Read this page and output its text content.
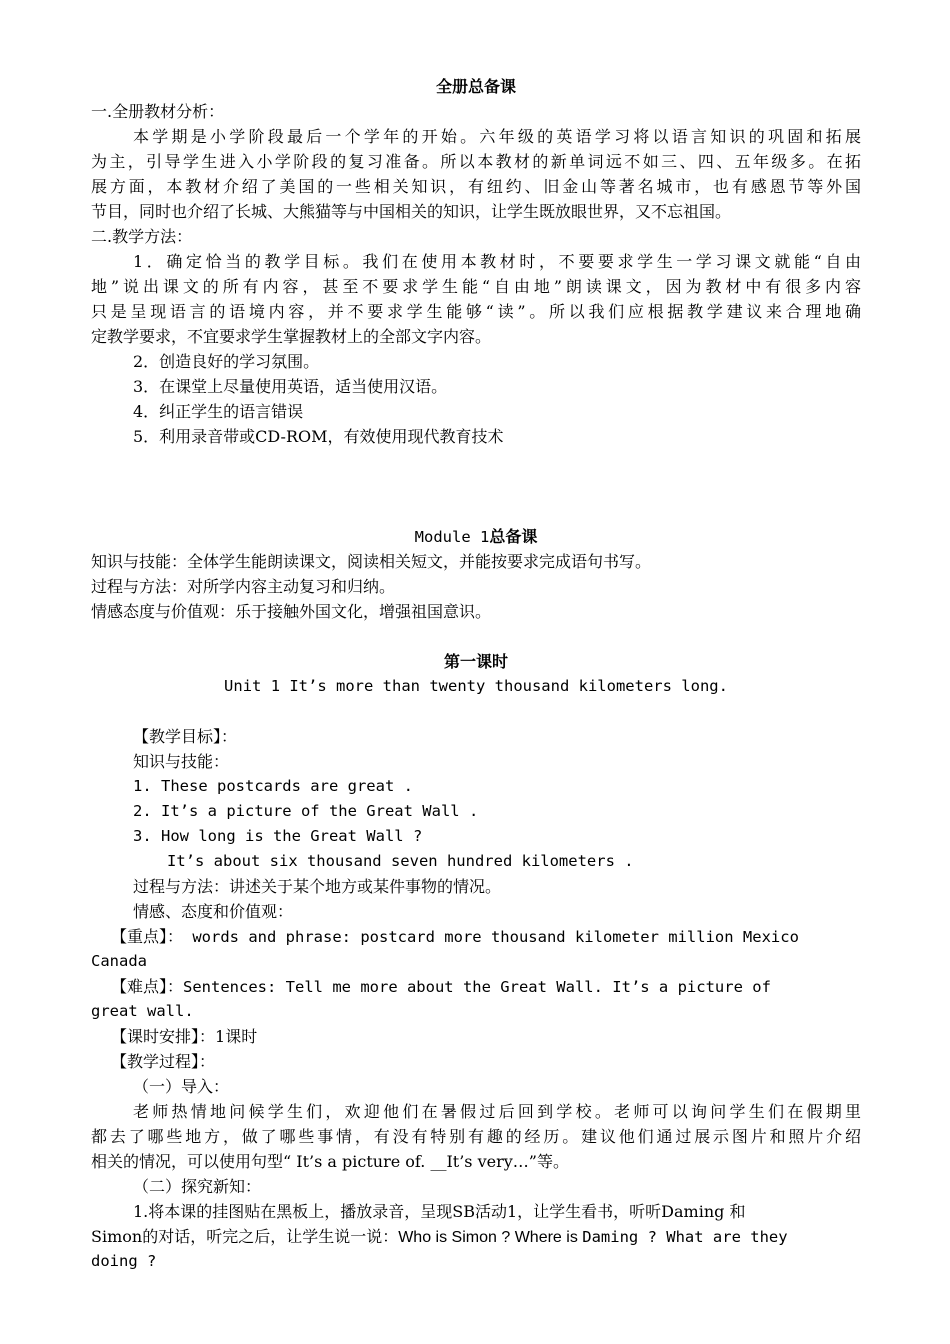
全册总备课
一.全册教材分析：
本学期是小学阶段最后一个学年的开始。六年级的英语学习将以语言知识的巩固和拓展
为主，引导学生进入小学阶段的复习准备。所以本教材的新单词远不如三、四、五年级多。在拓
展方面，本教材介绍了美国的一些相关知识，有纽约、旧金山等著名城市，也有感恩节等外国
节目，同时也介绍了长城、大熊猫等与中国相关的知识，让学生既放眼世界，又不忘祖国。
二.教学方法：
1．确定恰当的教学目标。我们在使用本教材时，不要要求学生一学习课文就能“自由
地”说出课文的所有内容，甚至不要求学生能“自由地”朗读课文，因为教材中有很多内容
只是呈现语言的语境内容，并不要求学生能够“读”。所以我们应根据教学建议来合理地确
定教学要求，不宜要求学生掌握教材上的全部文字内容。
2．创造良好的学习氛围。
3．在课堂上尽量使用英语，适当使用汉语。
4．纠正学生的语言错误
5．利用录音带或CD-ROM，有效使用现代教育技术
Module 1总备课
知识与技能：全体学生能朗读课文，阅读相关短文，并能按要求完成语句书写。
过程与方法：对所学内容主动复习和归纳。
情感态度与价值观：乐于接触外国文化，增强祖国意识。
第一课时
Unit 1 It’s more than twenty thousand kilometers long.
【教学目标】：
知识与技能：
1. These postcards are great .
2. It’s a picture of the Great Wall .
3. How long is the Great Wall ?
It’s about six thousand seven hundred kilometers .
过程与方法：讲述关于某个地方或某件事物的情况。
情感、态度和价值观：
【重点】： words and phrase: postcard more thousand kilometer million Mexico
Canada
【难点】：Sentences: Tell me more about the Great Wall. It’s a picture of
great wall.
【课时安排】：1课时
【教学过程】：
（一）导入：
老师热情地问候学生们，欢迎他们在暑假过后回到学校。老师可以询问学生们在假期里
都去了哪些地方，做了哪些事情，有没有特别有趣的经历。建议他们通过展示图片和照片介绍
相关的情况，可以使用句型“ It’s a picture of. __It’s very…”等。
（二）探究新知：
1.将本课的挂图贴在黑板上，播放录音，呈现SB活动1，让学生看书，听听Daming 和
Simon的对话，听完之后，让学生说一说：Who is Simon ? Where is Daming ? What are they
doing ?
